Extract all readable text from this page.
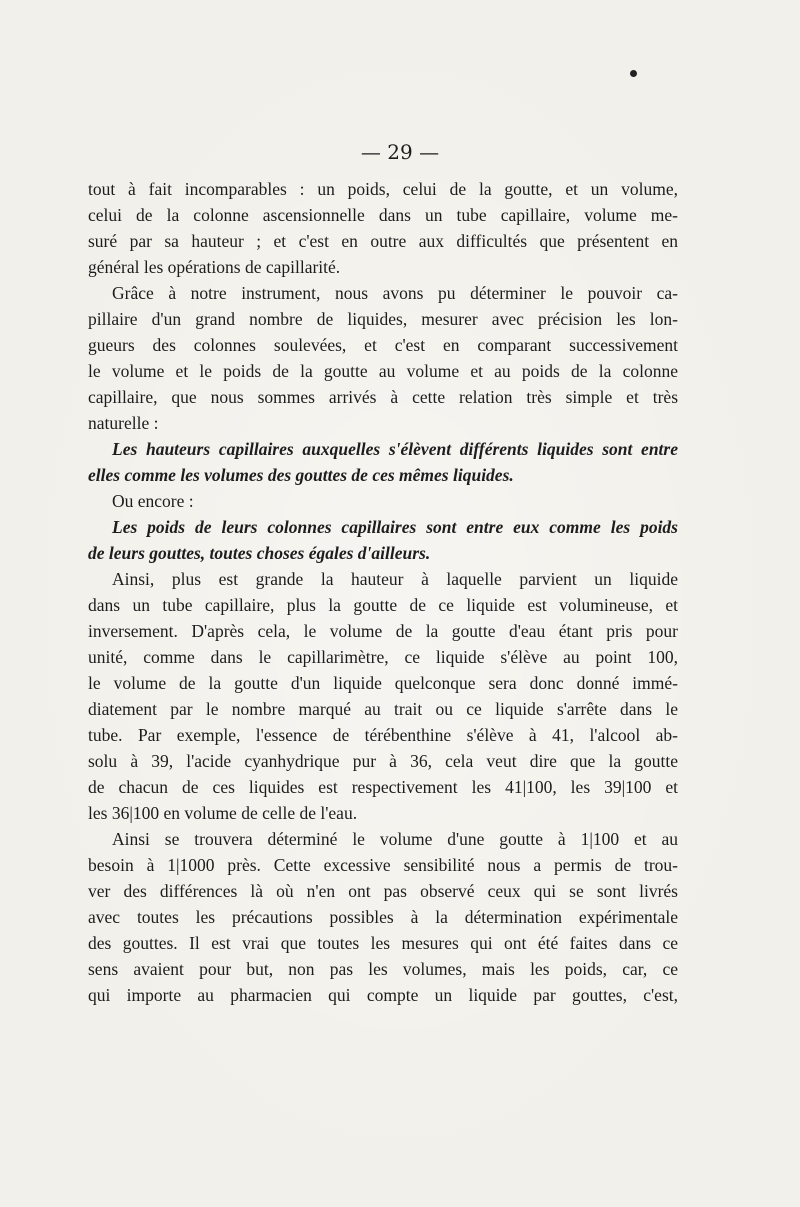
— 29 —
tout à fait incomparables : un poids, celui de la goutte, et un volume,
celui de la colonne ascensionnelle dans un tube capillaire, volume me-
suré par sa hauteur ; et c'est en outre aux difficultés que présentent en
général les opérations de capillarité.
Grâce à notre instrument, nous avons pu déterminer le pouvoir ca-
pillaire d'un grand nombre de liquides, mesurer avec précision les lon-
gueurs des colonnes soulevées, et c'est en comparant successivement
le volume et le poids de la goutte au volume et au poids de la colonne
capillaire, que nous sommes arrivés à cette relation très simple et très
naturelle :
Les hauteurs capillaires auxquelles s'élèvent différents liquides sont entre
elles comme les volumes des gouttes de ces mêmes liquides.
Ou encore :
Les poids de leurs colonnes capillaires sont entre eux comme les poids
de leurs gouttes, toutes choses égales d'ailleurs.
Ainsi, plus est grande la hauteur à laquelle parvient un liquide
dans un tube capillaire, plus la goutte de ce liquide est volumineuse, et
inversement. D'après cela, le volume de la goutte d'eau étant pris pour
unité, comme dans le capillarimètre, ce liquide s'élève au point 100,
le volume de la goutte d'un liquide quelconque sera donc donné immé-
diatement par le nombre marqué au trait ou ce liquide s'arrête dans le
tube. Par exemple, l'essence de térébenthine s'élève à 41, l'alcool ab-
solu à 39, l'acide cyanhydrique pur à 36, cela veut dire que la goutte
de chacun de ces liquides est respectivement les 41|100, les 39|100 et
les 36|100 en volume de celle de l'eau.
Ainsi se trouvera déterminé le volume d'une goutte à 1|100 et au
besoin à 1|1000 près. Cette excessive sensibilité nous a permis de trou-
ver des différences là où n'en ont pas observé ceux qui se sont livrés
avec toutes les précautions possibles à la détermination expérimentale
des gouttes. Il est vrai que toutes les mesures qui ont été faites dans ce
sens avaient pour but, non pas les volumes, mais les poids, car, ce
qui importe au pharmacien qui compte un liquide par gouttes, c'est,
